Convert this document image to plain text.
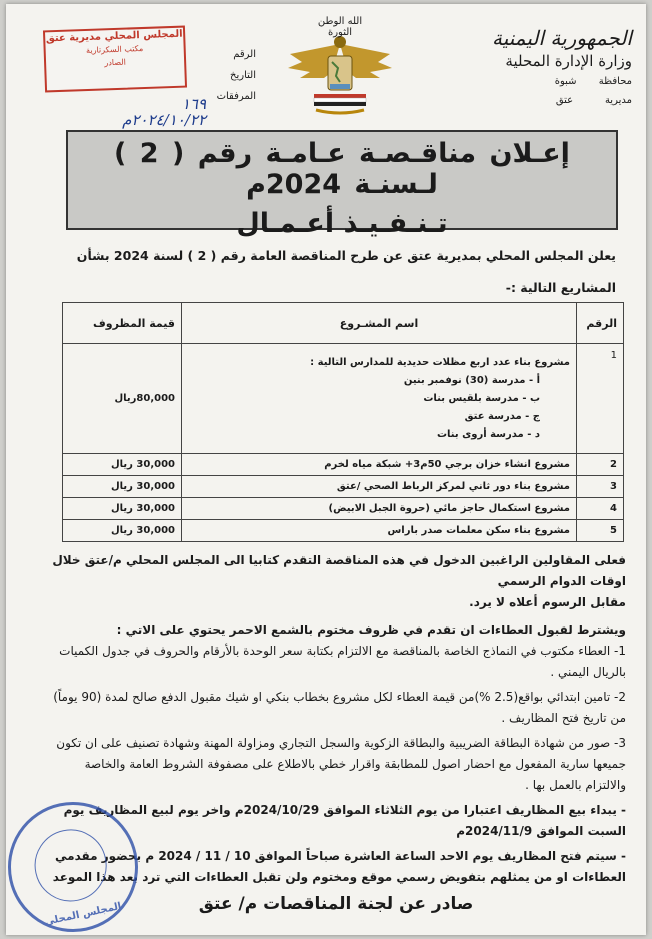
الجمهورية اليمنية
وزارة الإدارة المحلية
محافظة       شبوة
مديرية          عتق
الله الوطن الثورة
الرقم
التاريخ
المرفقات
المجلس المحلي مديرية عتق
مكتب السكرتارية
الصادر
١٦٩
٢٠٢٤/١٠/٢٢م
إعـلان مناقـصـة عـامـة رقم ( 2 ) لـسنـة 2024م
تـنـفـيـذ أعـمـال
يعلن المجلس المحلي بمديرية عتق عن طرح المناقصة العامة رقم ( 2 ) لسنة 2024 بشأن
المشاريع التالية :-
الرقم	اسم المشـروع	قيمة المظروف
1	مشروع بناء عدد اربع مظلات حديدية للمدارس التالية :
أ - مدرسة (30) نوفمبر بنين
ب - مدرسة بلقيس بنات
ج - مدرسة عتق
د - مدرسة أروى بنات	80,000ريال
2	مشروع انشاء خزان برجي 50م3+ شبكة مياه لخرم	30,000 ريال
3	مشروع بناء دور ثاني لمركز الرباط الصحي /عتق	30,000 ريال
4	مشروع استكمال حاجز مائي (حروة الجبل الابيض)	30,000 ريال
5	مشروع بناء سكن معلمات صدر باراس	30,000 ريال
فعلى المقاولين الراغبين الدخول في هذه المناقصة التقدم كتابيا الى المجلس المحلي م/عتق خلال اوقات الدوام الرسمي
مقابل الرسوم أعلاه لا يرد.
ويشترط لقبول العطاءات ان تقدم في ظروف مختوم بالشمع الاحمر يحتوي على الاتي :
1- العطاء مكتوب في النماذج الخاصة بالمناقصة مع الالتزام بكتابة سعر الوحدة بالأرقام والحروف في جدول الكميات بالريال اليمني .
2- تامين ابتدائي بواقع(2.5 %)من قيمة العطاء لكل مشروع بخطاب بنكي او شيك مقبول الدفع صالح لمدة (90 يوماً) من تاريخ فتح المظاريف .
3- صور من شهادة البطاقة الضريبية والبطاقة الزكوية والسجل التجاري ومزاولة المهنة وشهادة تصنيف على ان تكون جميعها سارية المفعول مع احضار اصول للمطابقة واقرار خطي بالاطلاع على مصفوفة الشروط العامة والخاصة والالتزام بالعمل بها .
- يبداء بيع المظاريف اعتبارا من يوم الثلاثاء الموافق 2024/10/29م واخر يوم لبيع المظاريف يوم السبت الموافق 2024/11/9م
- سيتم فتح المظاريف يوم الاحد الساعة العاشرة صباحاً الموافق 10 / 11 / 2024 م بحضور مقدمي العطاءات او من يمثلهم بتفويض رسمي موقع ومختوم ولن تقبل العطاءات التي ترد بعد هذا الموعد
صادر عن لجنة المناقصات م/ عتق
المجلس المحلي
